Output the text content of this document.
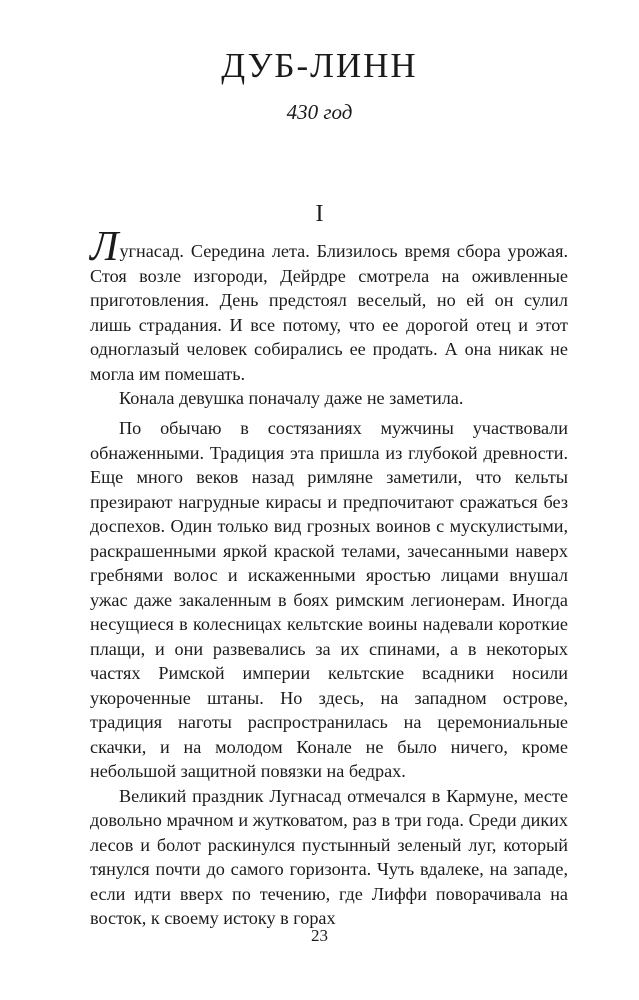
ДУБ-ЛИНН
430 год
I

Лугнасад. Середина лета. Близилось время сбора урожая. Стоя возле изгороди, Дейрдре смотрела на оживленные приготовления. День предстоял веселый, но ей он сулил лишь страдания. И все потому, что ее дорогой отец и этот одноглазый человек собирались ее продать. А она никак не могла им помешать.

Конала девушка поначалу даже не заметила.

По обычаю в состязаниях мужчины участвовали обнаженными. Традиция эта пришла из глубокой древности. Еще много веков назад римляне заметили, что кельты презирают нагрудные кирасы и предпочитают сражаться без доспехов. Один только вид грозных воинов с мускулистыми, раскрашенными яркой краской телами, зачесанными наверх гребнями волос и искаженными яростью лицами внушал ужас даже закаленным в боях римским легионерам. Иногда несущиеся в колесницах кельтские воины надевали короткие плащи, и они развевались за их спинами, а в некоторых частях Римской империи кельтские всадники носили укороченные штаны. Но здесь, на западном острове, традиция наготы распространилась на церемониальные скачки, и на молодом Конале не было ничего, кроме небольшой защитной повязки на бедрах.

Великий праздник Лугнасад отмечался в Кармуне, месте довольно мрачном и жутковатом, раз в три года. Среди диких лесов и болот раскинулся пустынный зеленый луг, который тянулся почти до самого горизонта. Чуть вдалеке, на западе, если идти вверх по течению, где Лиффи поворачивала на восток, к своему истоку в горах

23
